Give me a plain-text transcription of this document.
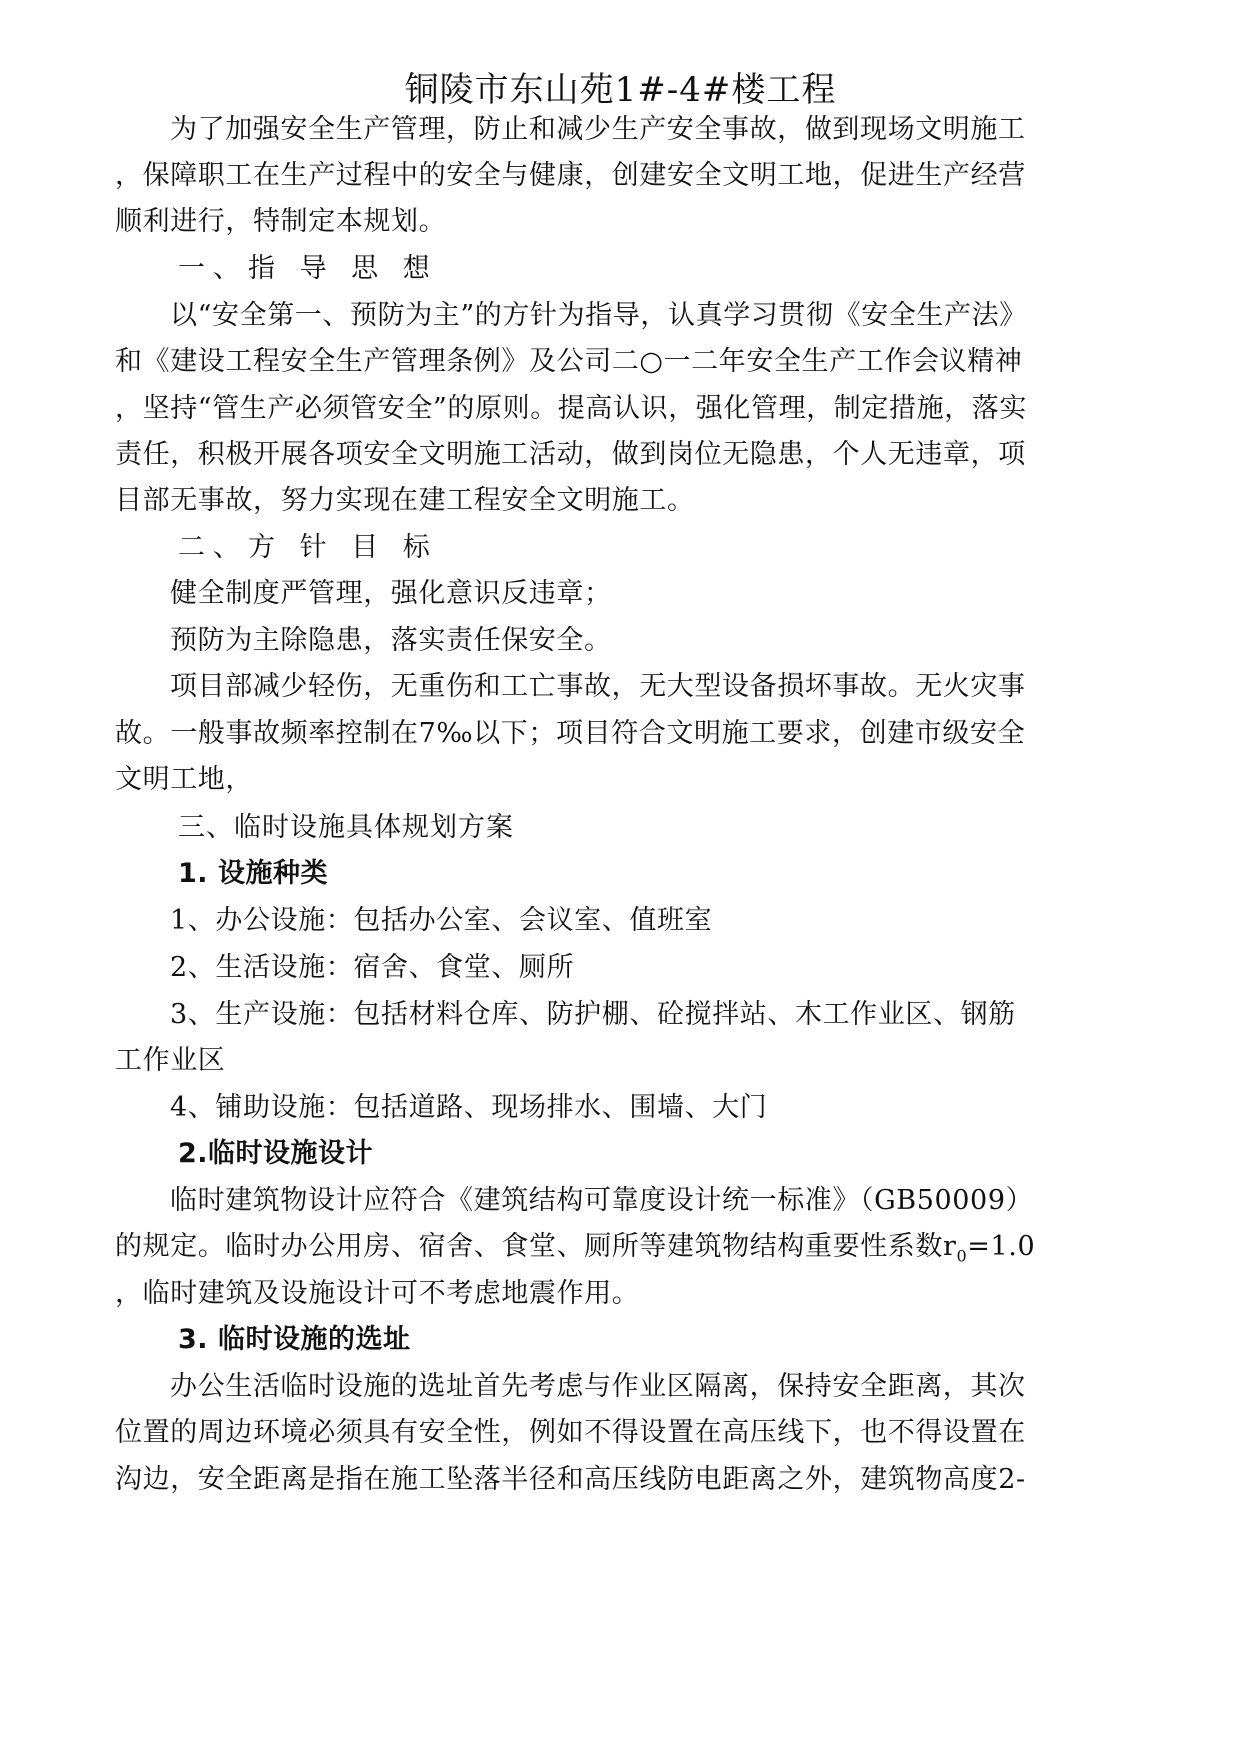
铜陵市东山苑1#-4#楼工程
为了加强安全生产管理，防止和减少生产安全事故，做到现场文明施工
，保障职工在生产过程中的安全与健康，创建安全文明工地，促进生产经营
顺利进行，特制定本规划。
一、指 导 思 想
以“安全第一、预防为主”的方针为指导，认真学习贯彻《安全生产法》
和《建设工程安全生产管理条例》及公司二○一二年安全生产工作会议精神
，坚持“管生产必须管安全”的原则。提高认识，强化管理，制定措施，落实
责任，积极开展各项安全文明施工活动，做到岗位无隐患，个人无违章，项
目部无事故，努力实现在建工程安全文明施工。
二、方 针 目 标
健全制度严管理，强化意识反违章；
预防为主除隐患，落实责任保安全。
项目部减少轻伤，无重伤和工亡事故，无大型设备损坏事故。无火灾事
故。一般事故频率控制在7‰以下；项目符合文明施工要求，创建市级安全
文明工地，
三、临时设施具体规划方案
1. 设施种类
1、办公设施：包括办公室、会议室、值班室
2、生活设施：宿舍、食堂、厕所
3、生产设施：包括材料仓库、防护棚、砼搅拌站、木工作业区、钢筋
工作业区
4、铺助设施：包括道路、现场排水、围墙、大门
2.临时设施设计
临时建筑物设计应符合《建筑结构可靠度设计统一标准》（GB50009）
的规定。临时办公用房、宿舍、食堂、厕所等建筑物结构重要性系数$r_0=1.0$
，临时建筑及设施设计可不考虑地震作用。
3. 临时设施的选址
办公生活临时设施的选址首先考虑与作业区隔离，保持安全距离，其次
位置的周边环境必须具有安全性，例如不得设置在高压线下，也不得设置在
沟边，安全距离是指在施工坠落半径和高压线防电距离之外，建筑物高度2-
